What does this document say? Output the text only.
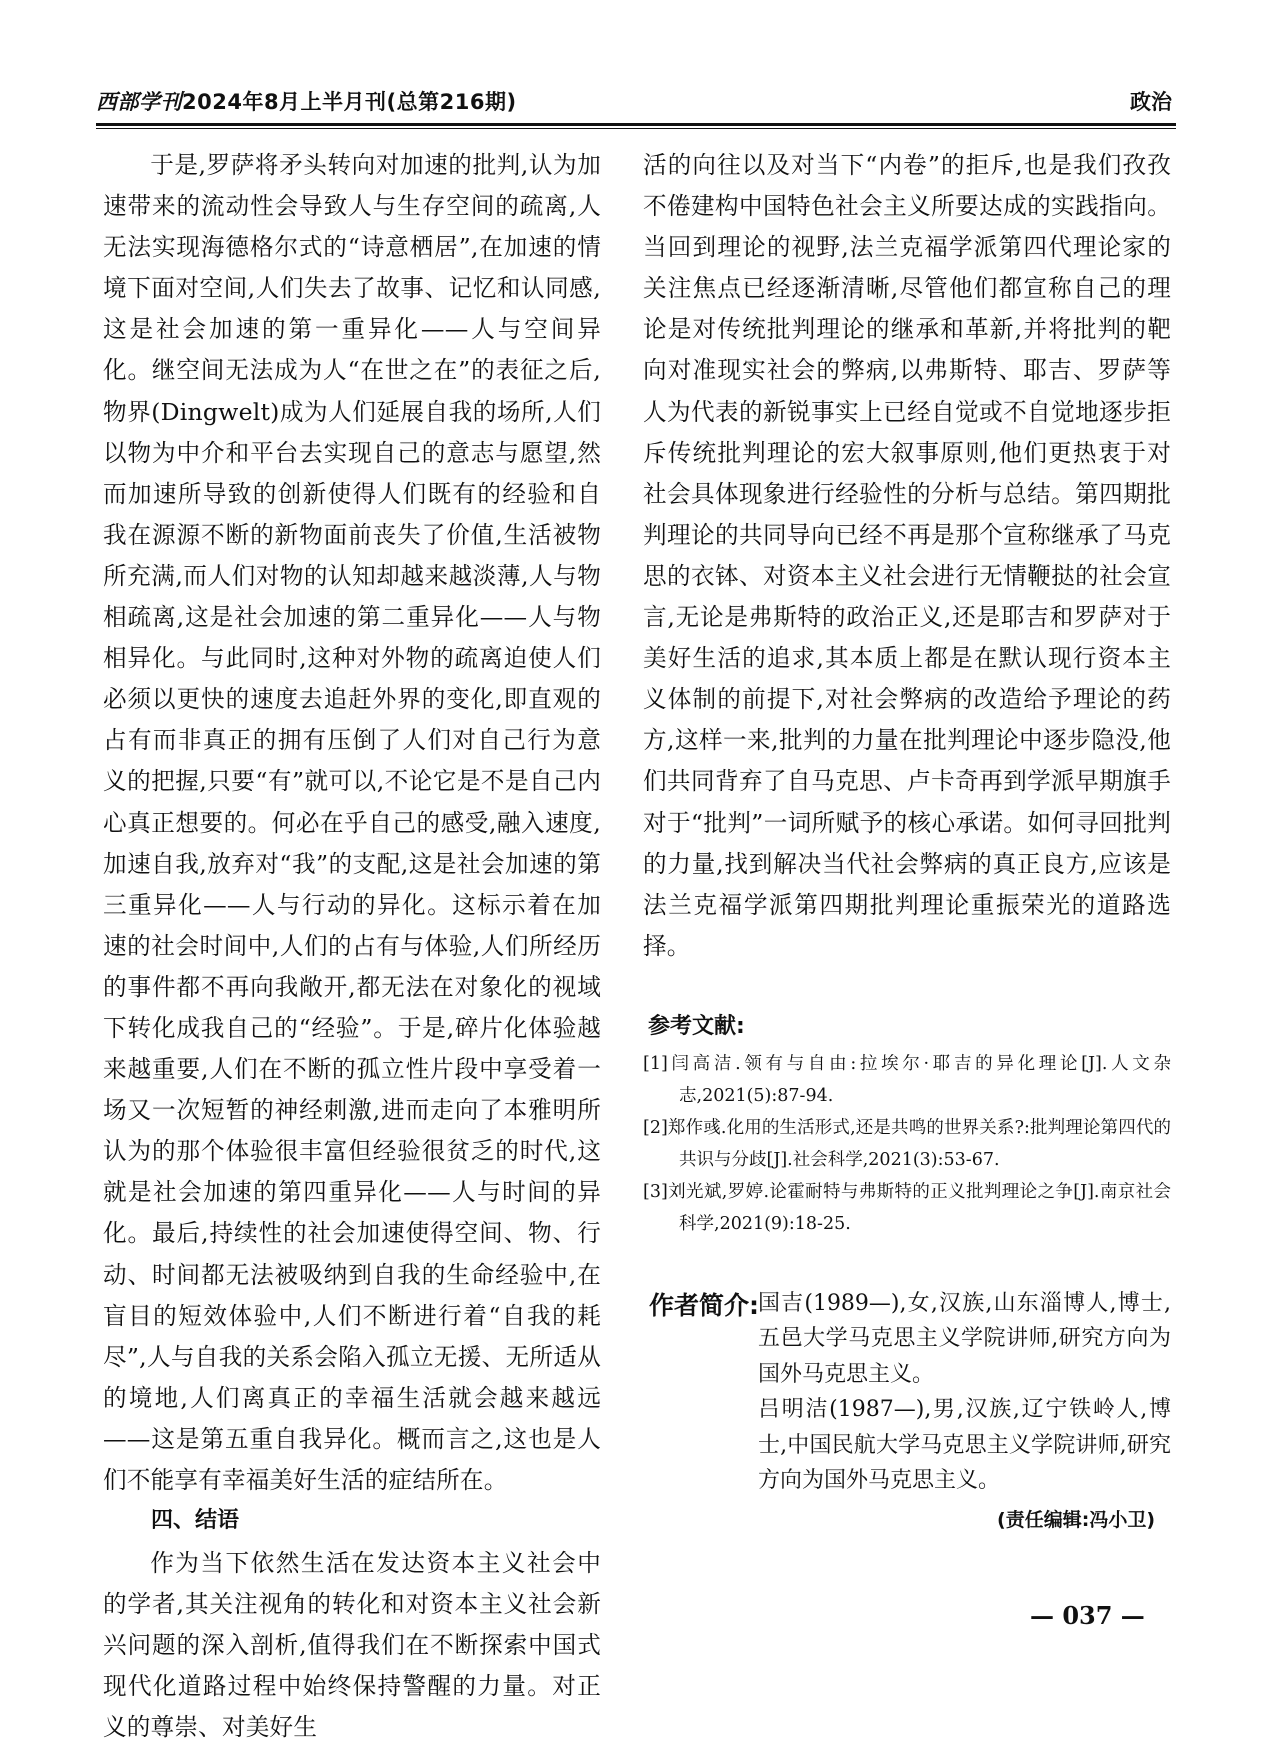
西部学刊2024年8月上半月刊(总第216期)	政治

于是,罗萨将矛头转向对加速的批判,认为加速带来的流动性会导致人与生存空间的疏离,人无法实现海德格尔式的“诗意栖居”,在加速的情境下面对空间,人们失去了故事、记忆和认同感,这是社会加速的第一重异化——人与空间异化。继空间无法成为人“在世之在”的表征之后,物界(Dingwelt)成为人们延展自我的场所,人们以物为中介和平台去实现自己的意志与愿望,然而加速所导致的创新使得人们既有的经验和自我在源源不断的新物面前丧失了价值,生活被物所充满,而人们对物的认知却越来越淡薄,人与物相疏离,这是社会加速的第二重异化——人与物相异化。与此同时,这种对外物的疏离迫使人们必须以更快的速度去追赶外界的变化,即直观的占有而非真正的拥有压倒了人们对自己行为意义的把握,只要“有”就可以,不论它是不是自己内心真正想要的。何必在乎自己的感受,融入速度,加速自我,放弃对“我”的支配,这是社会加速的第三重异化——人与行动的异化。这标示着在加速的社会时间中,人们的占有与体验,人们所经历的事件都不再向我敞开,都无法在对象化的视域下转化成我自己的“经验”。于是,碎片化体验越来越重要,人们在不断的孤立性片段中享受着一场又一次短暂的神经刺激,进而走向了本雅明所认为的那个体验很丰富但经验很贫乏的时代,这就是社会加速的第四重异化——人与时间的异化。最后,持续性的社会加速使得空间、物、行动、时间都无法被吸纳到自我的生命经验中,在盲目的短效体验中,人们不断进行着“自我的耗尽”,人与自我的关系会陷入孤立无援、无所适从的境地,人们离真正的幸福生活就会越来越远——这是第五重自我异化。概而言之,这也是人们不能享有幸福美好生活的症结所在。

四、结语

作为当下依然生活在发达资本主义社会中的学者,其关注视角的转化和对资本主义社会新兴问题的深入剖析,值得我们在不断探索中国式现代化道路过程中始终保持警醒的力量。对正义的尊崇、对美好生

活的向往以及对当下“内卷”的拒斥,也是我们孜孜不倦建构中国特色社会主义所要达成的实践指向。当回到理论的视野,法兰克福学派第四代理论家的关注焦点已经逐渐清晰,尽管他们都宣称自己的理论是对传统批判理论的继承和革新,并将批判的靶向对准现实社会的弊病,以弗斯特、耶吉、罗萨等人为代表的新锐事实上已经自觉或不自觉地逐步拒斥传统批判理论的宏大叙事原则,他们更热衷于对社会具体现象进行经验性的分析与总结。第四期批判理论的共同导向已经不再是那个宣称继承了马克思的衣钵、对资本主义社会进行无情鞭挞的社会宣言,无论是弗斯特的政治正义,还是耶吉和罗萨对于美好生活的追求,其本质上都是在默认现行资本主义体制的前提下,对社会弊病的改造给予理论的药方,这样一来,批判的力量在批判理论中逐步隐没,他们共同背弃了自马克思、卢卡奇再到学派早期旗手对于“批判”一词所赋予的核心承诺。如何寻回批判的力量,找到解决当代社会弊病的真正良方,应该是法兰克福学派第四期批判理论重振荣光的道路选择。

参考文献:
[1]闫高洁.领有与自由:拉埃尔·耶吉的异化理论[J].人文杂志,2021(5):87-94.
[2]郑作彧.化用的生活形式,还是共鸣的世界关系?:批判理论第四代的共识与分歧[J].社会科学,2021(3):53-67.
[3]刘光斌,罗婷.论霍耐特与弗斯特的正义批判理论之争[J].南京社会科学,2021(9):18-25.
作者简介: 国吉(1989—),女,汉族,山东淄博人,博士,五邑大学马克思主义学院讲师,研究方向为国外马克思主义。

吕明洁(1987—),男,汉族,辽宁铁岭人,博士,中国民航大学马克思主义学院讲师,研究方向为国外马克思主义。

(责任编辑:冯小卫)
— 037 —
